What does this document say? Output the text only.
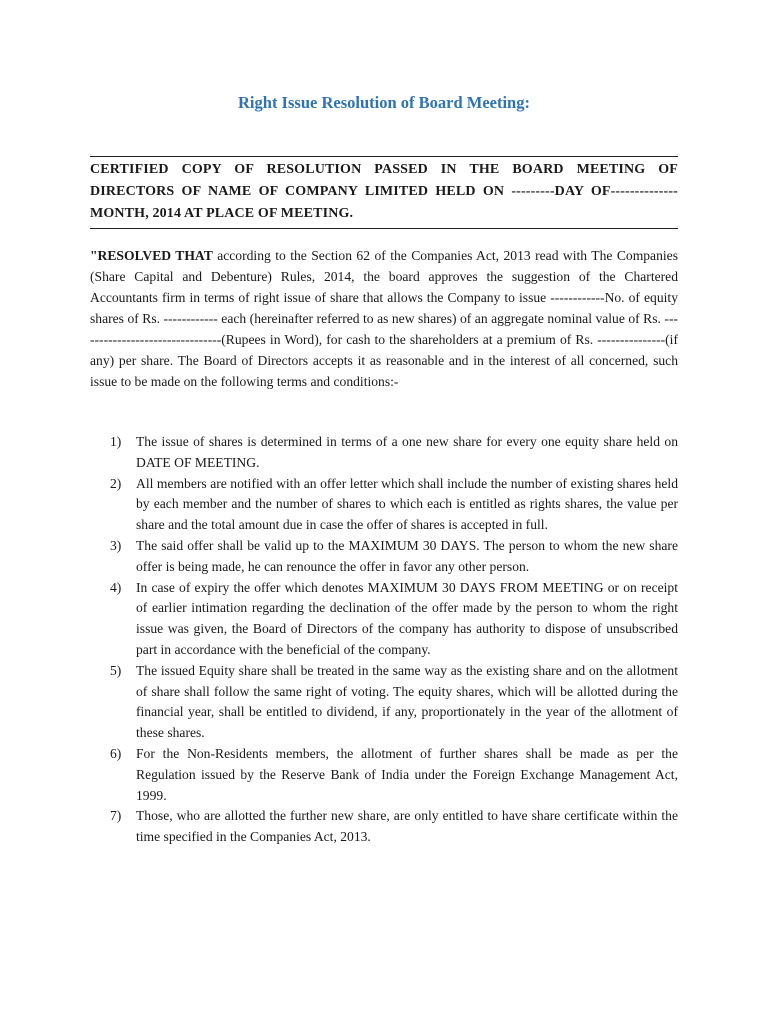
Right Issue Resolution of Board Meeting:
CERTIFIED COPY OF RESOLUTION PASSED IN THE BOARD MEETING OF DIRECTORS OF NAME OF COMPANY LIMITED HELD ON ---------DAY OF--------------MONTH, 2014 AT PLACE OF MEETING.

"RESOLVED THAT according to the Section 62 of the Companies Act, 2013 read with The Companies (Share Capital and Debenture) Rules, 2014, the board approves the suggestion of the Chartered Accountants firm in terms of right issue of share that allows the Company to issue ------------No. of equity shares of Rs. ------------ each (hereinafter referred to as new shares) of an aggregate nominal value of Rs. --------------------------------(Rupees in Word), for cash to the shareholders at a premium of Rs. ---------------(if any) per share. The Board of Directors accepts it as reasonable and in the interest of all concerned, such issue to be made on the following terms and conditions:-

1)	The issue of shares is determined in terms of a one new share for every one equity share held on DATE OF MEETING.
2)	All members are notified with an offer letter which shall include the number of existing shares held by each member and the number of shares to which each is entitled as rights shares, the value per share and the total amount due in case the offer of shares is accepted in full.
3)	The said offer shall be valid up to the MAXIMUM 30 DAYS. The person to whom the new share offer is being made, he can renounce the offer in favor any other person.
4)	In case of expiry the offer which denotes MAXIMUM 30 DAYS FROM MEETING or on receipt of earlier intimation regarding the declination of the offer made by the person to whom the right issue was given, the Board of Directors of the company has authority to dispose of unsubscribed part in accordance with the beneficial of the company.
5)	The issued Equity share shall be treated in the same way as the existing share and on the allotment of share shall follow the same right of voting. The equity shares, which will be allotted during the financial year, shall be entitled to dividend, if any, proportionately in the year of the allotment of these shares.
6)	For the Non-Residents members, the allotment of further shares shall be made as per the Regulation issued by the Reserve Bank of India under the Foreign Exchange Management Act, 1999.
7)	Those, who are allotted the further new share, are only entitled to have share certificate within the time specified in the Companies Act, 2013.
